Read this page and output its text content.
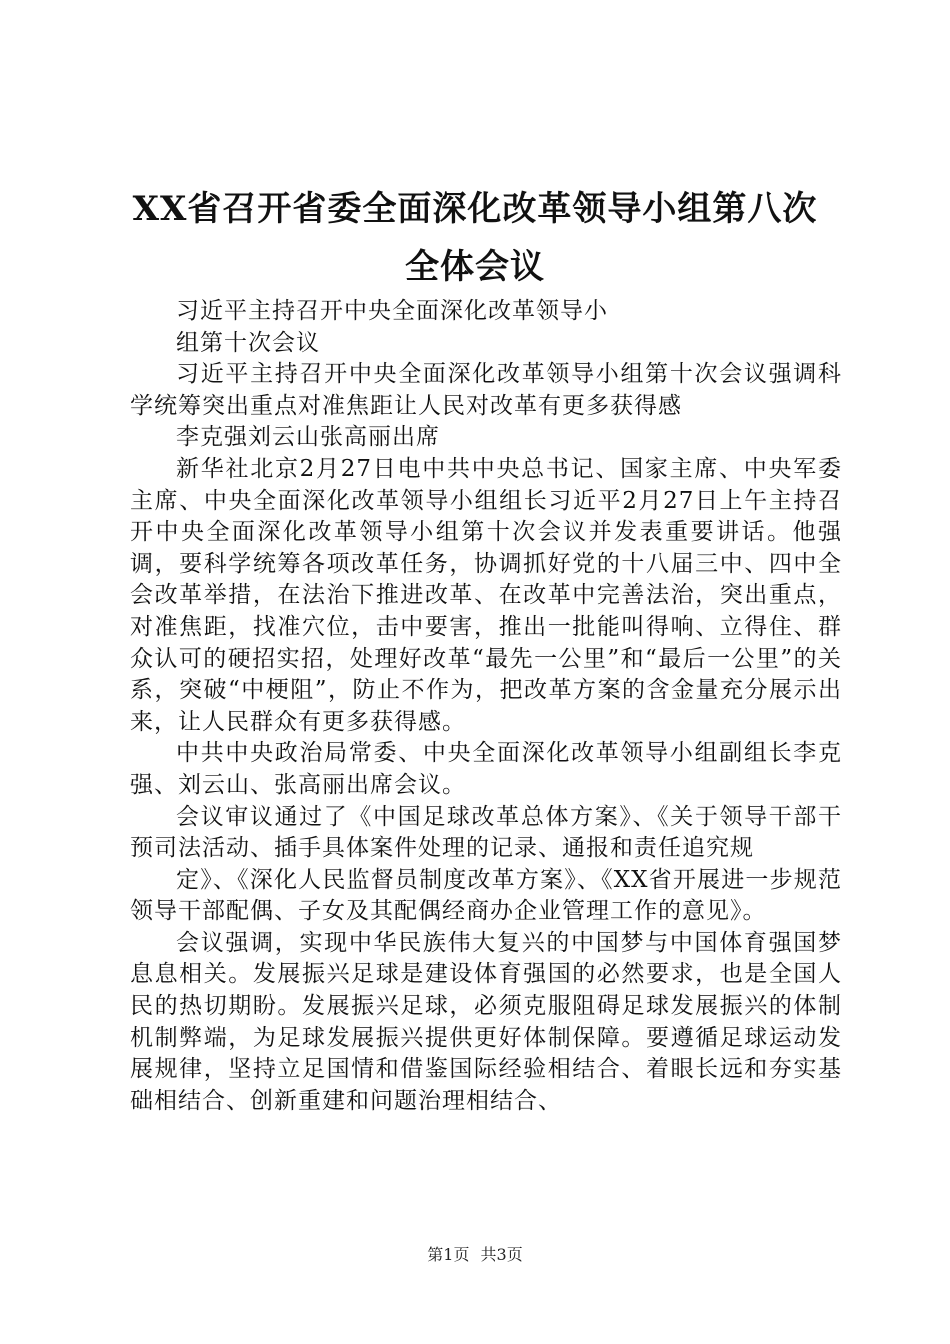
XX省召开省委全面深化改革领导小组第八次
全体会议

习近平主持召开中央全面深化改革领导小

组第十次会议

习近平主持召开中央全面深化改革领导小组第十次会议强调科学统筹突出重点对准焦距让人民对改革有更多获得感

李克强刘云山张高丽出席

新华社北京2月27日电中共中央总书记、国家主席、中央军委主席、中央全面深化改革领导小组组长习近平2月27日上午主持召开中央全面深化改革领导小组第十次会议并发表重要讲话。他强调，要科学统筹各项改革任务，协调抓好党的十八届三中、四中全会改革举措，在法治下推进改革、在改革中完善法治，突出重点，对准焦距，找准穴位，击中要害，推出一批能叫得响、立得住、群众认可的硬招实招，处理好改革“最先一公里”和“最后一公里”的关系，突破“中梗阻”，防止不作为，把改革方案的含金量充分展示出来，让人民群众有更多获得感。

中共中央政治局常委、中央全面深化改革领导小组副组长李克强、刘云山、张高丽出席会议。

会议审议通过了《中国足球改革总体方案》、《关于领导干部干预司法活动、插手具体案件处理的记录、通报和责任追究规

定》、《深化人民监督员制度改革方案》、《XX省开展进一步规范领导干部配偶、子女及其配偶经商办企业管理工作的意见》。

会议强调，实现中华民族伟大复兴的中国梦与中国体育强国梦息息相关。发展振兴足球是建设体育强国的必然要求，也是全国人民的热切期盼。发展振兴足球，必须克服阻碍足球发展振兴的体制机制弊端，为足球发展振兴提供更好体制保障。要遵循足球运动发展规律，坚持立足国情和借鉴国际经验相结合、着眼长远和夯实基础相结合、创新重建和问题治理相结合、

第1页 共3页
